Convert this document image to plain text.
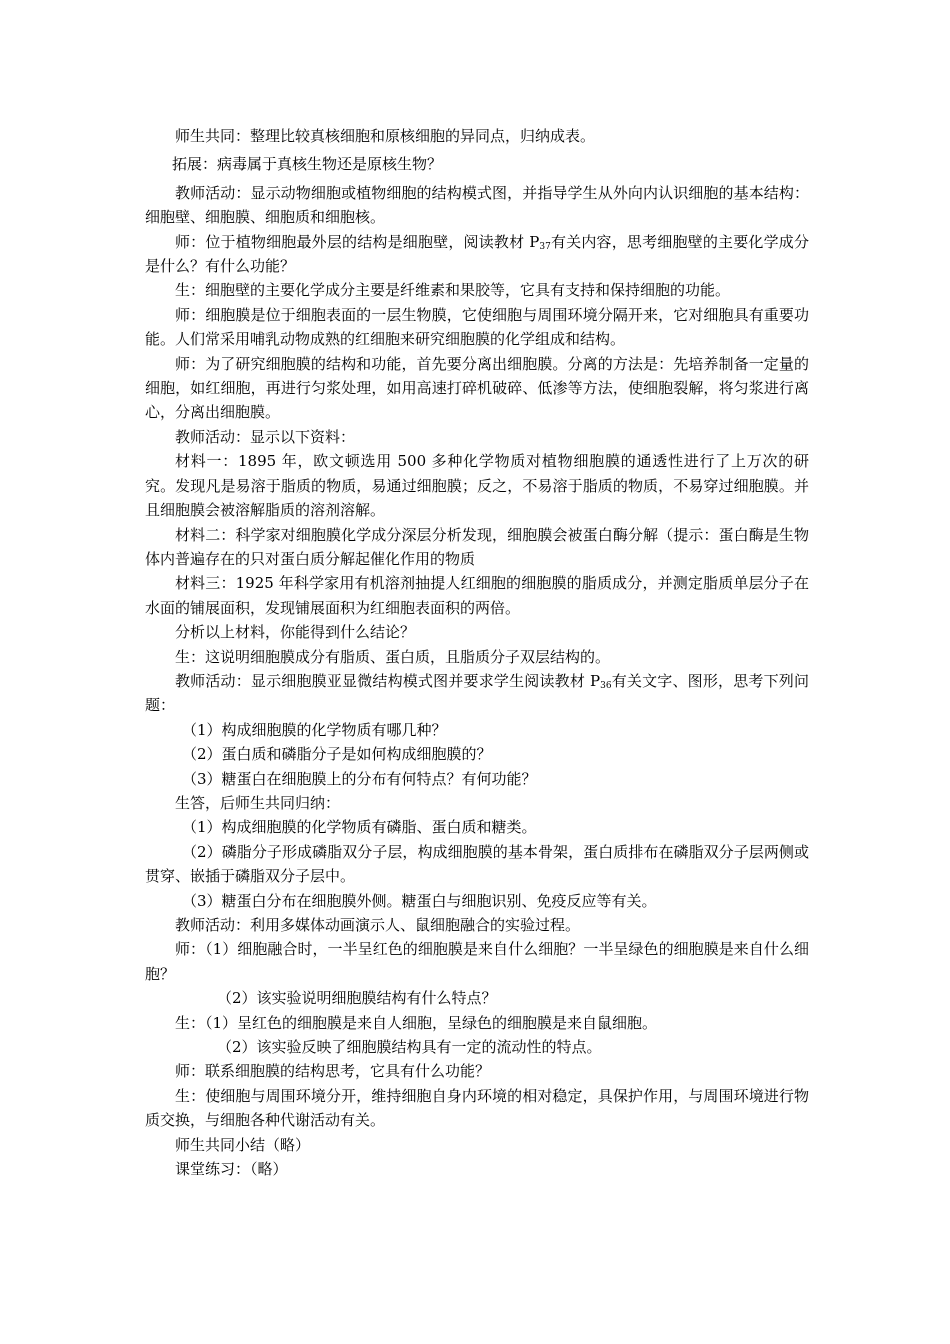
师生共同：整理比较真核细胞和原核细胞的异同点，归纳成表。

拓展：病毒属于真核生物还是原核生物？

教师活动：显示动物细胞或植物细胞的结构模式图，并指导学生从外向内认识细胞的基本结构：细胞壁、细胞膜、细胞质和细胞核。

师：位于植物细胞最外层的结构是细胞壁，阅读教材 $P_{37}$有关内容，思考细胞壁的主要化学成分是什么？有什么功能？

生：细胞壁的主要化学成分主要是纤维素和果胶等，它具有支持和保持细胞的功能。

师：细胞膜是位于细胞表面的一层生物膜，它使细胞与周围环境分隔开来，它对细胞具有重要功能。人们常采用哺乳动物成熟的红细胞来研究细胞膜的化学组成和结构。

师：为了研究细胞膜的结构和功能，首先要分离出细胞膜。分离的方法是：先培养制备一定量的细胞，如红细胞，再进行匀浆处理，如用高速打碎机破碎、低渗等方法，使细胞裂解，将匀浆进行离心，分离出细胞膜。

教师活动：显示以下资料：

材料一：1895 年，欧文顿选用 500 多种化学物质对植物细胞膜的通透性进行了上万次的研究。发现凡是易溶于脂质的物质，易通过细胞膜；反之，不易溶于脂质的物质，不易穿过细胞膜。并且细胞膜会被溶解脂质的溶剂溶解。

材料二：科学家对细胞膜化学成分深层分析发现，细胞膜会被蛋白酶分解（提示：蛋白酶是生物体内普遍存在的只对蛋白质分解起催化作用的物质

材料三：1925 年科学家用有机溶剂抽提人红细胞的细胞膜的脂质成分，并测定脂质单层分子在水面的铺展面积，发现铺展面积为红细胞表面积的两倍。

分析以上材料，你能得到什么结论？

生：这说明细胞膜成分有脂质、蛋白质，且脂质分子双层结构的。

教师活动：显示细胞膜亚显微结构模式图并要求学生阅读教材 $P_{36}$有关文字、图形，思考下列问题：

（1）构成细胞膜的化学物质有哪几种？

（2）蛋白质和磷脂分子是如何构成细胞膜的？

（3）糖蛋白在细胞膜上的分布有何特点？有何功能？

生答，后师生共同归纳：

（1）构成细胞膜的化学物质有磷脂、蛋白质和糖类。

（2）磷脂分子形成磷脂双分子层，构成细胞膜的基本骨架，蛋白质排布在磷脂双分子层两侧或贯穿、嵌插于磷脂双分子层中。

（3）糖蛋白分布在细胞膜外侧。糖蛋白与细胞识别、免疫反应等有关。

教师活动：利用多媒体动画演示人、鼠细胞融合的实验过程。

师：（1）细胞融合时，一半呈红色的细胞膜是来自什么细胞？一半呈绿色的细胞膜是来自什么细胞？

（2）该实验说明细胞膜结构有什么特点？

生：（1）呈红色的细胞膜是来自人细胞，呈绿色的细胞膜是来自鼠细胞。

（2）该实验反映了细胞膜结构具有一定的流动性的特点。

师：联系细胞膜的结构思考，它具有什么功能？

生：使细胞与周围环境分开，维持细胞自身内环境的相对稳定，具保护作用，与周围环境进行物质交换，与细胞各种代谢活动有关。

师生共同小结（略）

课堂练习：（略）
